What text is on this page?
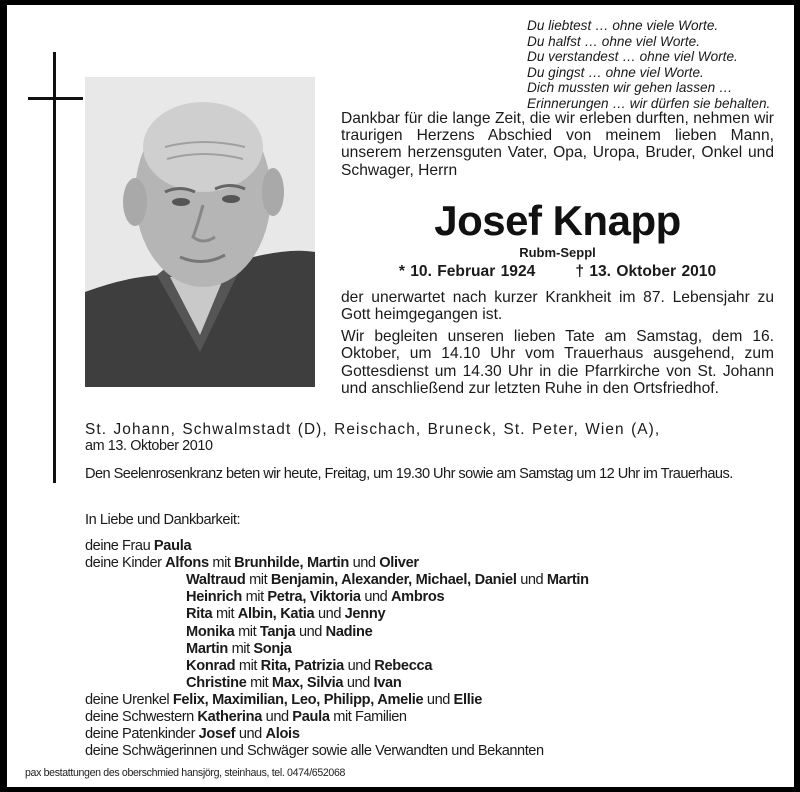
Du liebtest … ohne viele Worte.
Du halfst … ohne viel Worte.
Du verstandest … ohne viel Worte.
Du gingst … ohne viel Worte.
Dich mussten wir gehen lassen …
Erinnerungen … wir dürfen sie behalten.
Dankbar für die lange Zeit, die wir erleben durften, nehmen wir traurigen Herzens Abschied von meinem lieben Mann, unserem herzensguten Vater, Opa, Uropa, Bruder, Onkel und Schwager, Herrn
Josef Knapp
Rubm-Seppl
* 10. Februar 1924	† 13. Oktober 2010
der unerwartet nach kurzer Krankheit im 87. Lebensjahr zu Gott heimgegangen ist.
Wir begleiten unseren lieben Tate am Samstag, dem 16. Oktober, um 14.10 Uhr vom Trauerhaus ausgehend, zum Gottesdienst um 14.30 Uhr in die Pfarrkirche von St. Johann und anschließend zur letzten Ruhe in den Ortsfriedhof.
St. Johann, Schwalmstadt (D), Reischach, Bruneck, St. Peter, Wien (A),
am 13. Oktober 2010
Den Seelenrosenkranz beten wir heute, Freitag, um 19.30 Uhr sowie am Samstag um 12 Uhr im Trauerhaus.
In Liebe und Dankbarkeit:
deine Frau Paula
deine Kinder Alfons mit Brunhilde, Martin und Oliver
Waltraud mit Benjamin, Alexander, Michael, Daniel und Martin
Heinrich mit Petra, Viktoria und Ambros
Rita mit Albin, Katia und Jenny
Monika mit Tanja und Nadine
Martin mit Sonja
Konrad mit Rita, Patrizia und Rebecca
Christine mit Max, Silvia und Ivan
deine Urenkel Felix, Maximilian, Leo, Philipp, Amelie und Ellie
deine Schwestern Katherina und Paula mit Familien
deine Patenkinder Josef und Alois
deine Schwägerinnen und Schwäger sowie alle Verwandten und Bekannten
pax bestattungen des oberschmied hansjörg, steinhaus, tel. 0474/652068
